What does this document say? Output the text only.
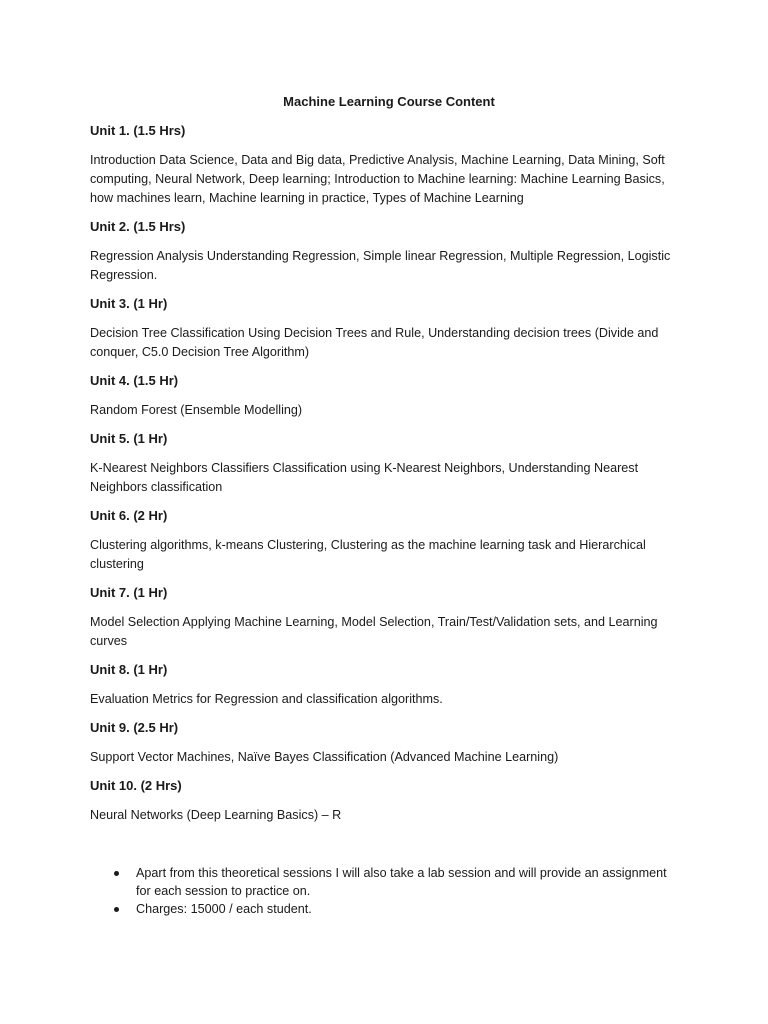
Machine Learning Course Content
Unit 1. (1.5 Hrs)
Introduction Data Science, Data and Big data, Predictive Analysis, Machine Learning, Data Mining, Soft computing, Neural Network, Deep learning; Introduction to Machine learning: Machine Learning Basics, how machines learn, Machine learning in practice, Types of Machine Learning
Unit 2. (1.5 Hrs)
Regression Analysis Understanding Regression, Simple linear Regression, Multiple Regression, Logistic Regression.
Unit 3. (1 Hr)
Decision Tree Classification Using Decision Trees and Rule, Understanding decision trees (Divide and conquer, C5.0 Decision Tree Algorithm)
Unit 4. (1.5 Hr)
Random Forest (Ensemble Modelling)
Unit 5. (1 Hr)
K-Nearest Neighbors Classifiers Classification using K-Nearest Neighbors, Understanding Nearest Neighbors classification
Unit 6. (2 Hr)
Clustering algorithms, k-means Clustering, Clustering as the machine learning task and Hierarchical clustering
Unit 7. (1 Hr)
Model Selection Applying Machine Learning, Model Selection, Train/Test/Validation sets, and Learning curves
Unit 8. (1 Hr)
Evaluation Metrics for Regression and classification algorithms.
Unit 9. (2.5 Hr)
Support Vector Machines, Naïve Bayes Classification (Advanced Machine Learning)
Unit 10. (2 Hrs)
Neural Networks (Deep Learning Basics) – R
Apart from this theoretical sessions I will also take a lab session and will provide an assignment for each session to practice on.
Charges: 15000 / each student.
